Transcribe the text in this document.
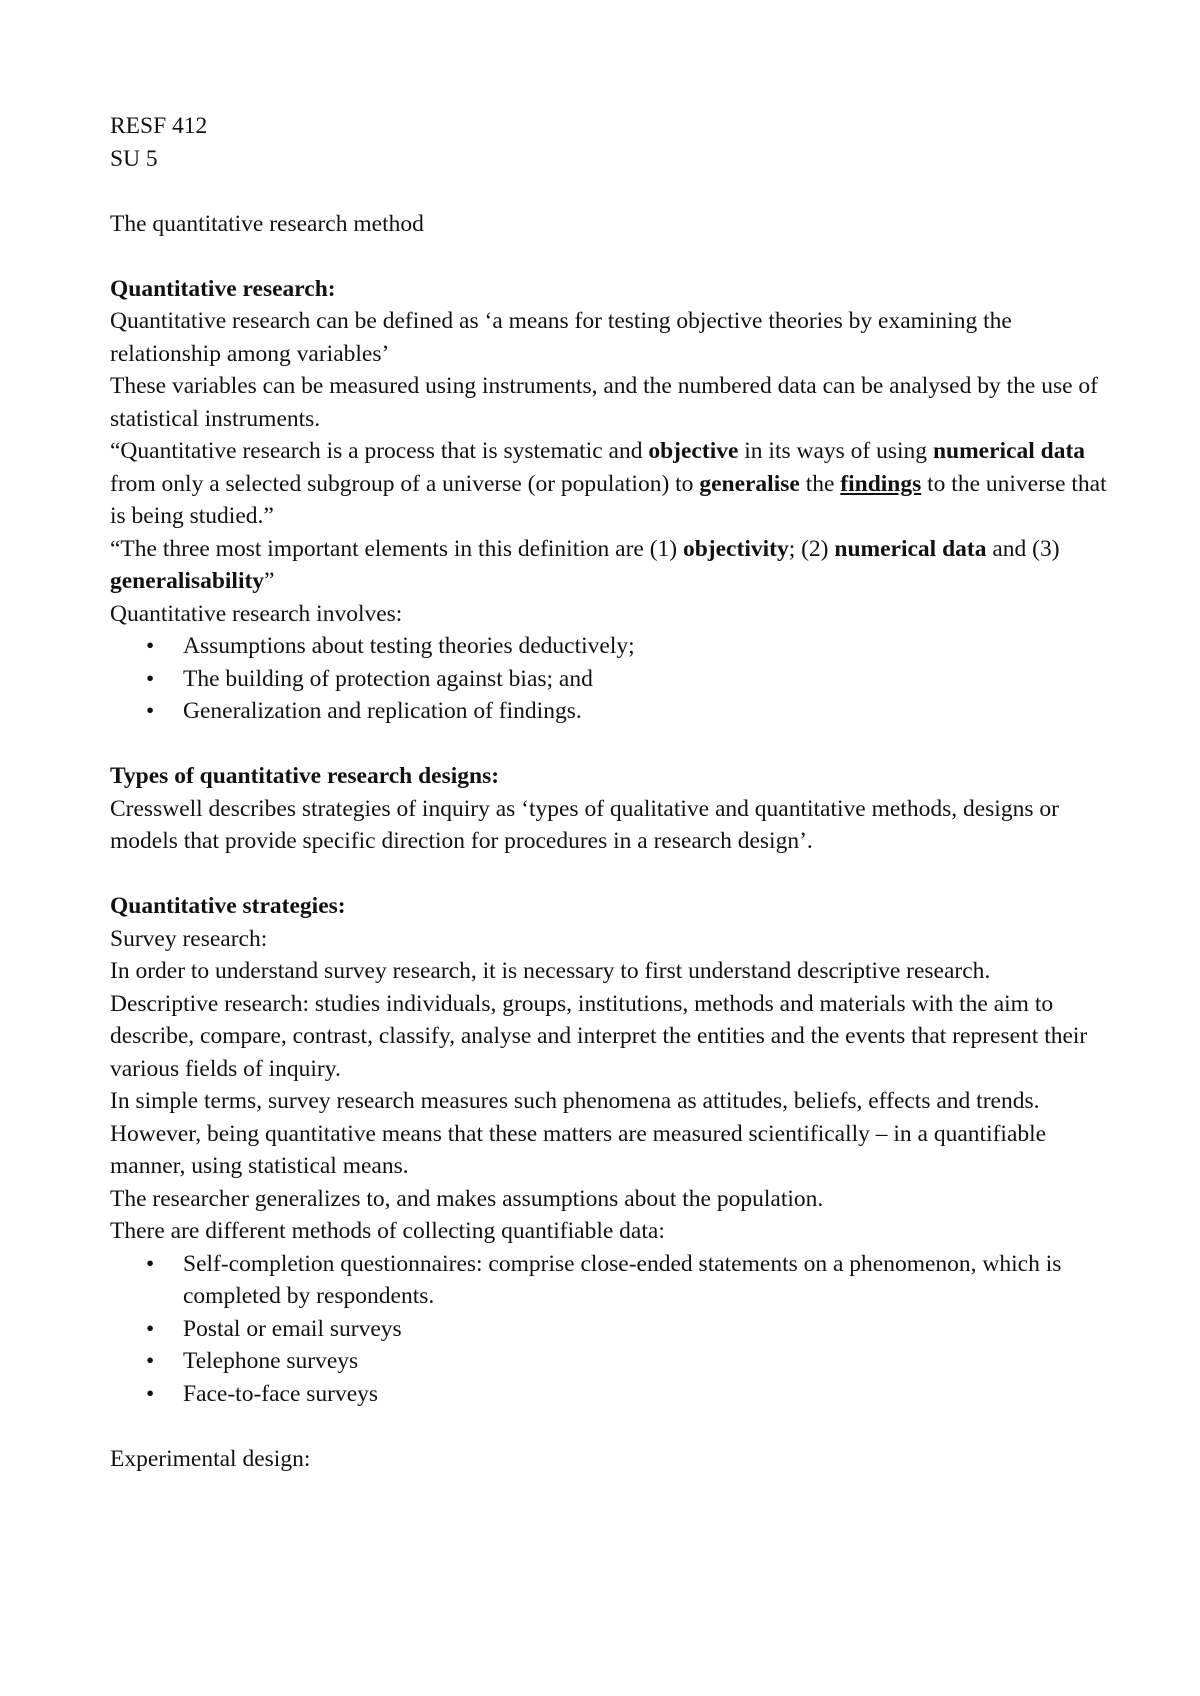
RESF 412
SU 5
The quantitative research method
Quantitative research:

Quantitative research can be defined as ‘a means for testing objective theories by examining the relationship among variables’

These variables can be measured using instruments, and the numbered data can be analysed by the use of statistical instruments.

“Quantitative research is a process that is systematic and objective in its ways of using numerical data from only a selected subgroup of a universe (or population) to generalise the findings to the universe that is being studied.”

“The three most important elements in this definition are (1) objectivity; (2) numerical data and (3) generalisability”

Quantitative research involves:
• Assumptions about testing theories deductively;
• The building of protection against bias; and
• Generalization and replication of findings.
Types of quantitative research designs:

Cresswell describes strategies of inquiry as ‘types of qualitative and quantitative methods, designs or models that provide specific direction for procedures in a research design’.

Quantitative strategies:
Survey research:

In order to understand survey research, it is necessary to first understand descriptive research.

Descriptive research: studies individuals, groups, institutions, methods and materials with the aim to describe, compare, contrast, classify, analyse and interpret the entities and the events that represent their various fields of inquiry.

In simple terms, survey research measures such phenomena as attitudes, beliefs, effects and trends.

However, being quantitative means that these matters are measured scientifically – in a quantifiable manner, using statistical means.

The researcher generalizes to, and makes assumptions about the population.

There are different methods of collecting quantifiable data:

• Self-completion questionnaires: comprise close-ended statements on a phenomenon, which is completed by respondents.
• Postal or email surveys
• Telephone surveys
• Face-to-face surveys
Experimental design:
